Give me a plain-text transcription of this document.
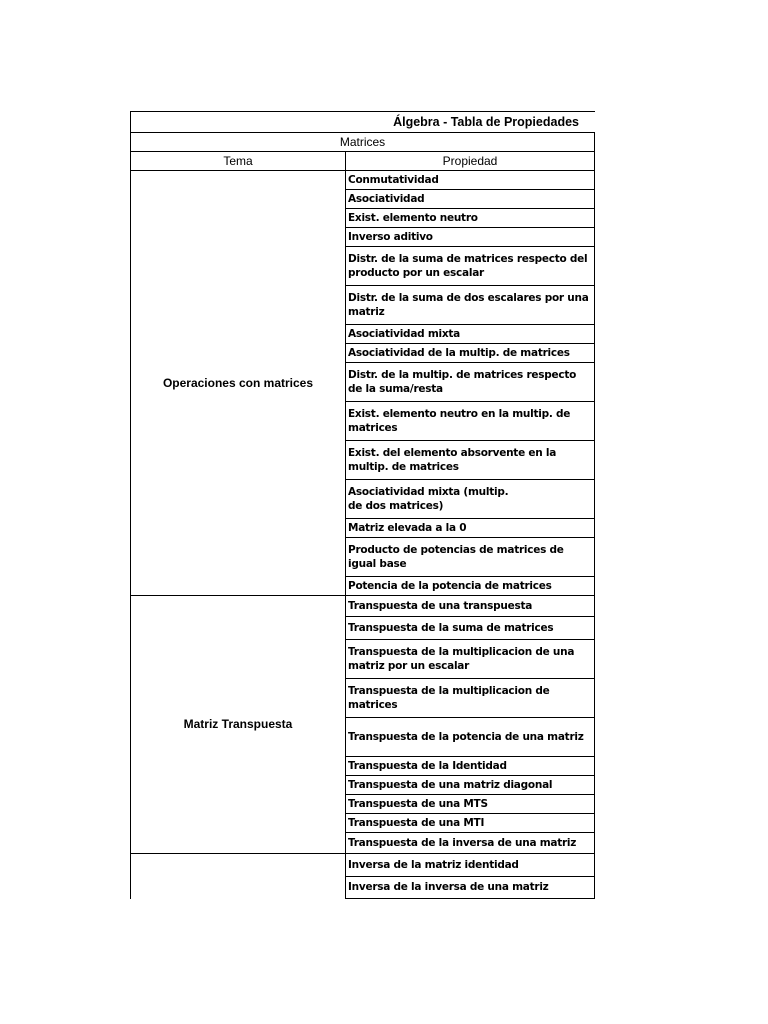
Álgebra - Tabla de Propiedades
Matrices
Tema	Propiedad
Operaciones con matrices
Conmutatividad
Asociatividad
Exist. elemento neutro
Inverso aditivo
Distr. de la suma de matrices respecto del producto por un escalar
Distr. de la suma de dos escalares por una matriz
Asociatividad mixta
Asociatividad de la multip. de matrices
Distr. de la multip. de matrices respecto de la suma/resta
Exist. elemento neutro en la multip. de matrices
Exist. del elemento absorvente en la multip. de matrices
Asociatividad mixta (multip.
de dos matrices)
Matriz elevada a la 0
Producto de potencias de matrices de igual base
Potencia de la potencia de matrices
Matriz Transpuesta
Transpuesta de una transpuesta
Transpuesta de la suma de matrices
Transpuesta de la multiplicacion de una matriz por un escalar
Transpuesta de la multiplicacion de matrices
Transpuesta de la potencia de una matriz
Transpuesta de la Identidad
Transpuesta de una matriz diagonal
Transpuesta de una MTS
Transpuesta de una MTI
Transpuesta de la inversa de una matriz
Inversa de la matriz identidad
Inversa de la inversa de una matriz
